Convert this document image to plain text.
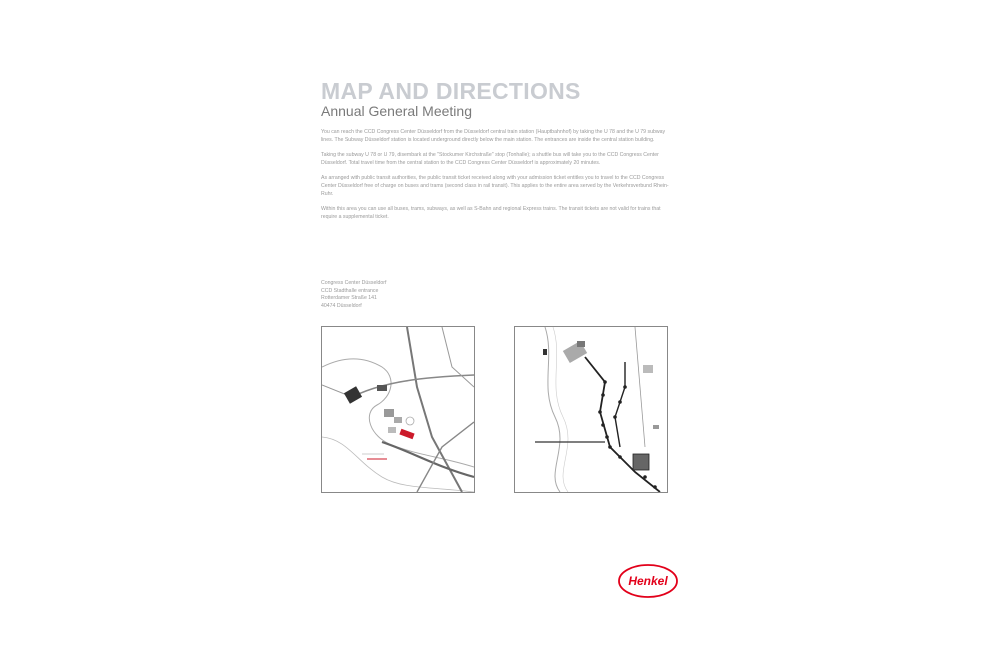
MAP AND DIRECTIONS
Annual General Meeting

You can reach the CCD Congress Center Düsseldorf from the Düsseldorf central train station (Hauptbahnhof) by taking the U 78 and the U 79 subway lines. The Subway Düsseldorf station is located underground directly below the main station. The entrances are inside the central station building.

Taking the subway U 78 or U 79, disembark at the "Stockumer Kirchstraße" stop (Tonhalle); a shuttle bus will take you to the CCD Congress Center Düsseldorf. Total travel time from the central station to the CCD Congress Center Düsseldorf is approximately 20 minutes.

As arranged with public transit authorities, the public transit ticket received along with your admission ticket entitles you to travel to the CCD Congress Center Düsseldorf free of charge on buses and trams (second class in rail transit). This applies to the entire area served by the Verkehrsverbund Rhein-Ruhr.

Within this area you can use all buses, trams, subways, as well as S-Bahn and regional Express trains. The transit tickets are not valid for trains that require a supplemental ticket.

Congress Center Düsseldorf
CCD Stadthalle entrance
Rotterdamer Straße 141
40474 Düsseldorf
Henkel
